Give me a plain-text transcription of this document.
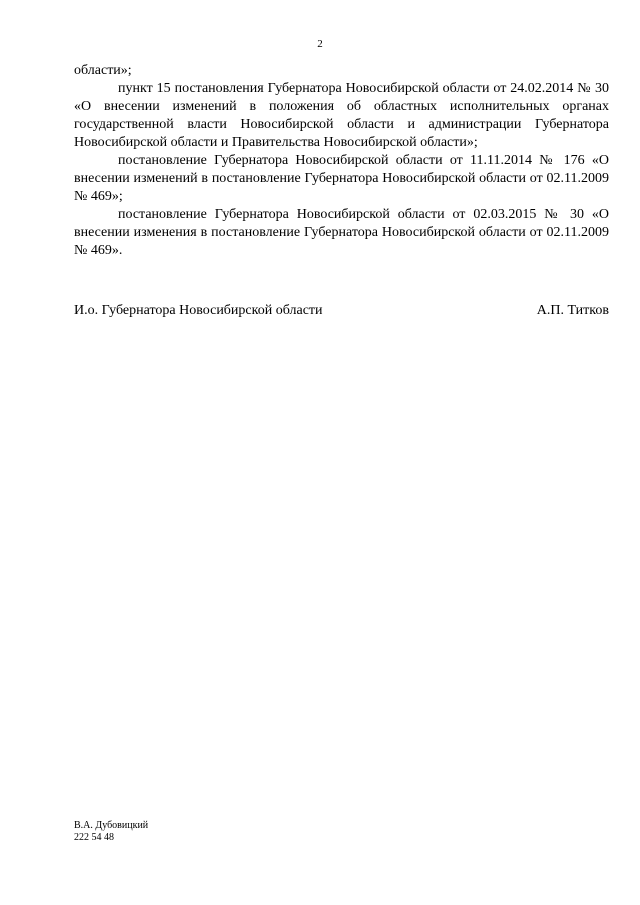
2

области»;

пункт 15 постановления Губернатора Новосибирской области от 24.02.2014 № 30 «О внесении изменений в положения об областных исполнительных органах государственной власти Новосибирской области и администрации Губернатора Новосибирской области и Правительства Новосибирской области»;

постановление Губернатора Новосибирской области от 11.11.2014 № 176 «О внесении изменений в постановление Губернатора Новосибирской области от 02.11.2009 № 469»;

постановление Губернатора Новосибирской области от 02.03.2015 № 30 «О внесении изменения в постановление Губернатора Новосибирской области от 02.11.2009 № 469».

И.о. Губернатора Новосибирской области	А.П. Титков
В.А. Дубовицкий
222 54 48
